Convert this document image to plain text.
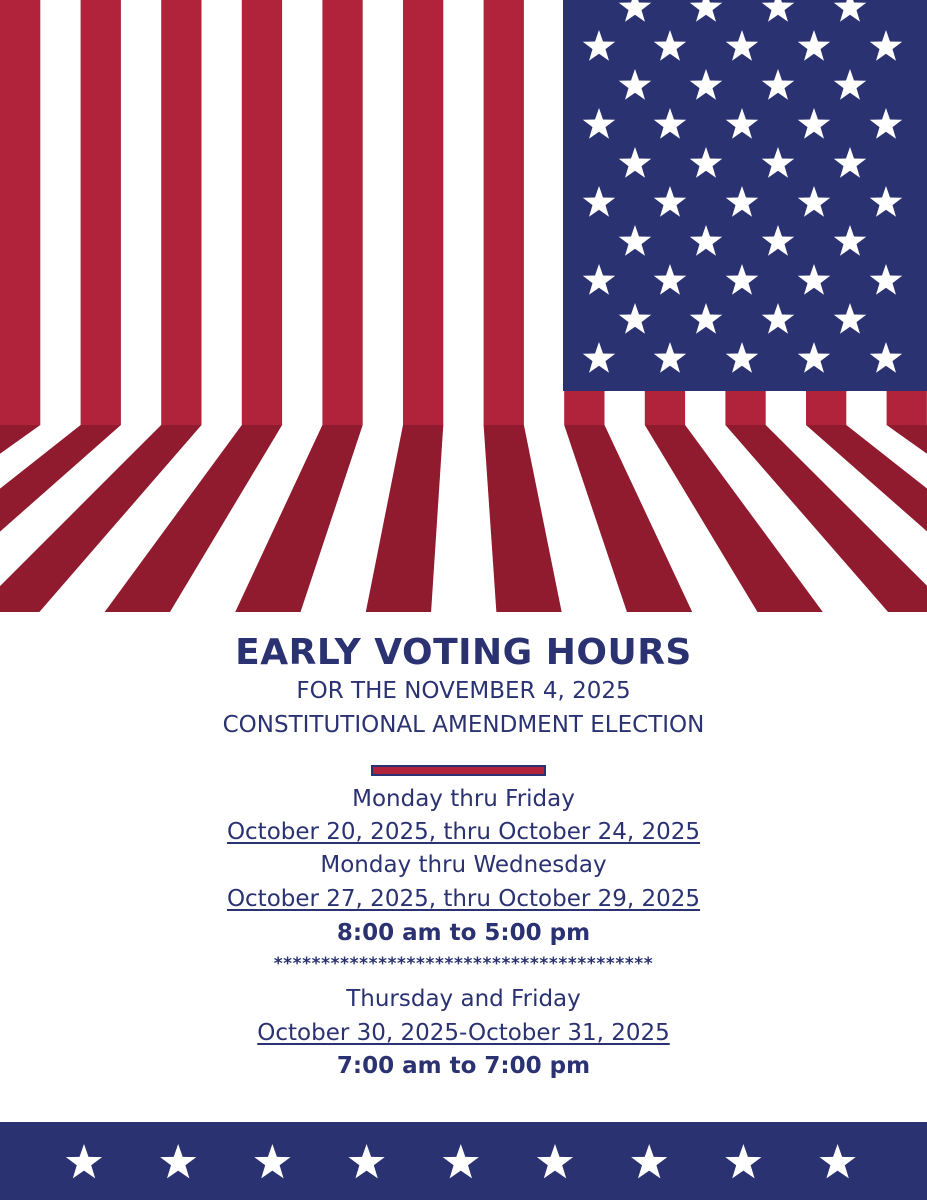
EARLY VOTING HOURS
FOR THE NOVEMBER 4, 2025
CONSTITUTIONAL AMENDMENT ELECTION
Monday thru Friday
October 20, 2025, thru October 24, 2025
Monday thru Wednesday
October 27, 2025, thru October 29, 2025
8:00 am to 5:00 pm
****************************************
Thursday and Friday
October 30, 2025-October 31, 2025
7:00 am to 7:00 pm
